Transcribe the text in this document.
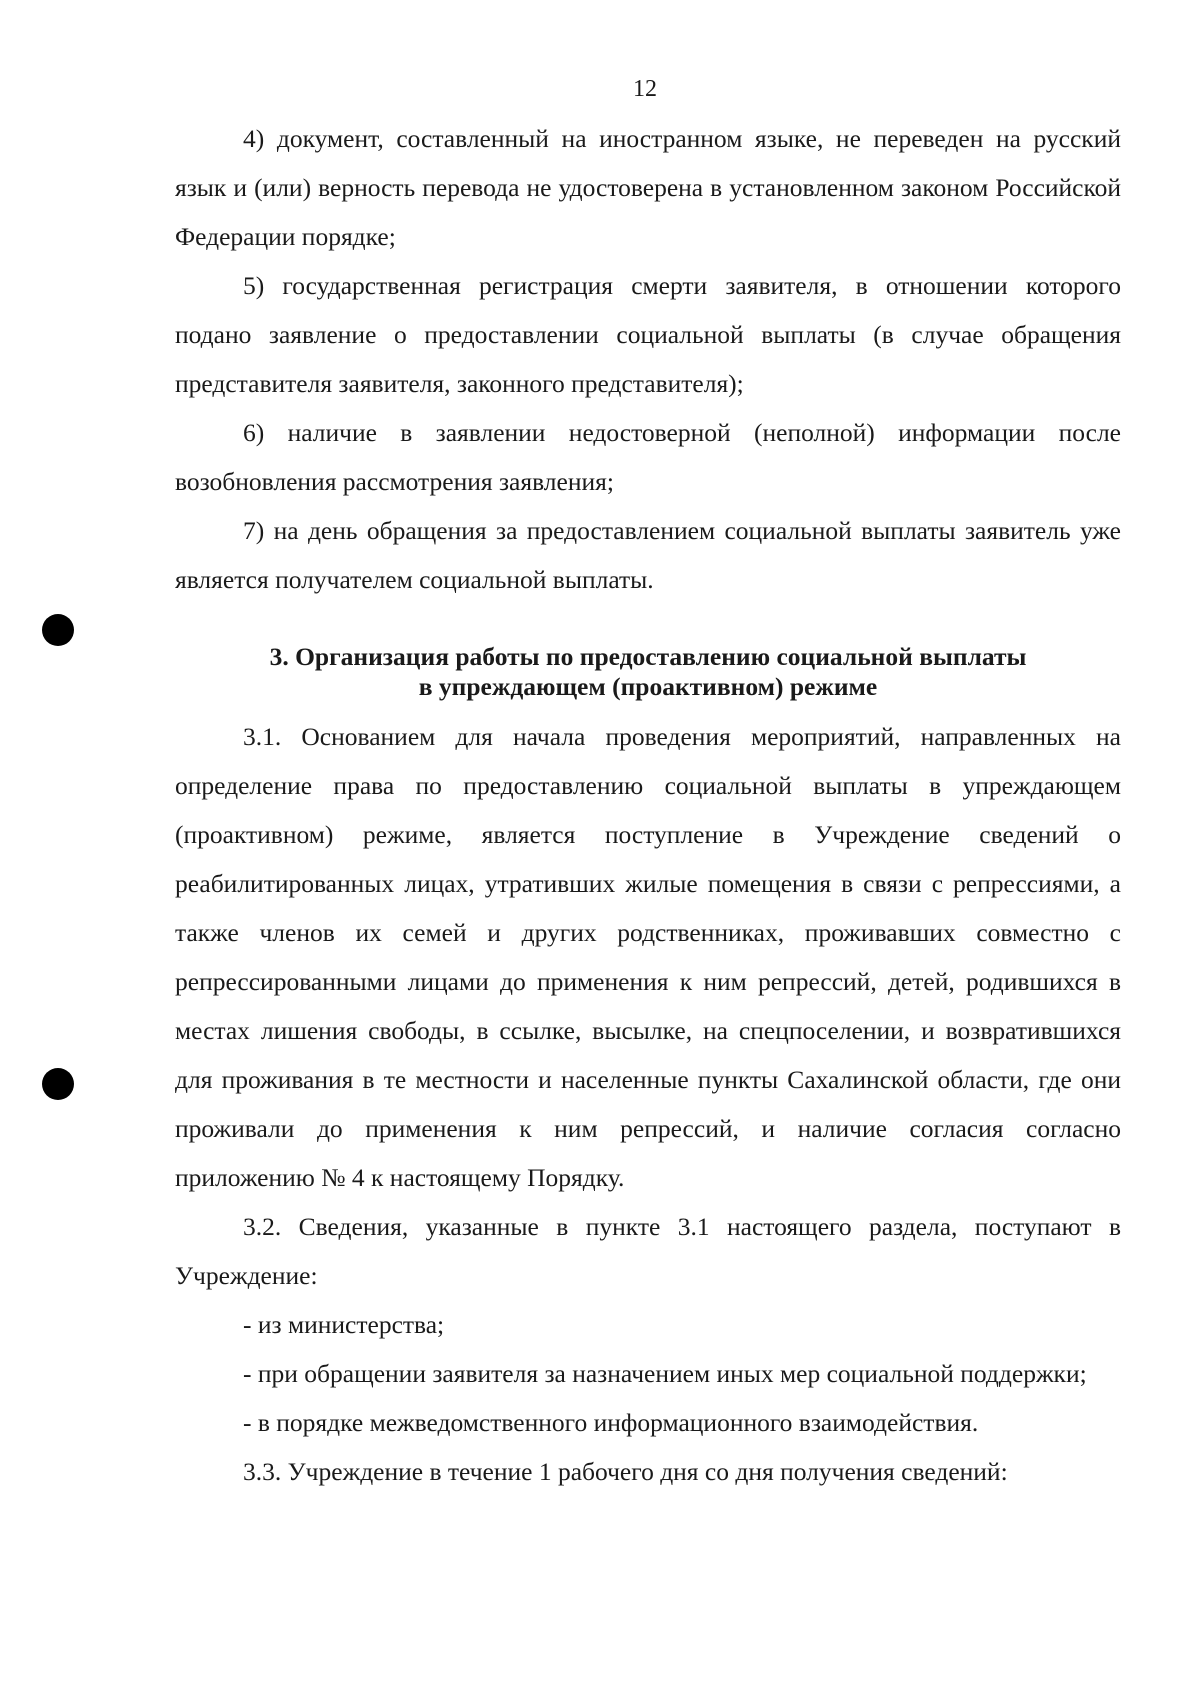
12

4) документ, составленный на иностранном языке, не переведен на русский язык и (или) верность перевода не удостоверена в установленном законом Российской Федерации порядке;

5) государственная регистрация смерти заявителя, в отношении которого подано заявление о предоставлении социальной выплаты (в случае обращения представителя заявителя, законного представителя);

6) наличие в заявлении недостоверной (неполной) информации после возобновления рассмотрения заявления;

7) на день обращения за предоставлением социальной выплаты заявитель уже является получателем социальной выплаты.

3. Организация работы по предоставлению социальной выплаты
в упреждающем (проактивном) режиме

3.1. Основанием для начала проведения мероприятий, направленных на определение права по предоставлению социальной выплаты в упреждающем (проактивном) режиме, является поступление в Учреждение сведений о реабилитированных лицах, утративших жилые помещения в связи с репрессиями, а также членов их семей и других родственниках, проживавших совместно с репрессированными лицами до применения к ним репрессий, детей, родившихся в местах лишения свободы, в ссылке, высылке, на спецпоселении, и возвратившихся для проживания в те местности и населенные пункты Сахалинской области, где они проживали до применения к ним репрессий, и наличие согласия согласно приложению № 4 к настоящему Порядку.

3.2. Сведения, указанные в пункте 3.1 настоящего раздела, поступают в Учреждение:

- из министерства;

- при обращении заявителя за назначением иных мер социальной поддержки;

- в порядке межведомственного информационного взаимодействия.

3.3. Учреждение в течение 1 рабочего дня со дня получения сведений:
